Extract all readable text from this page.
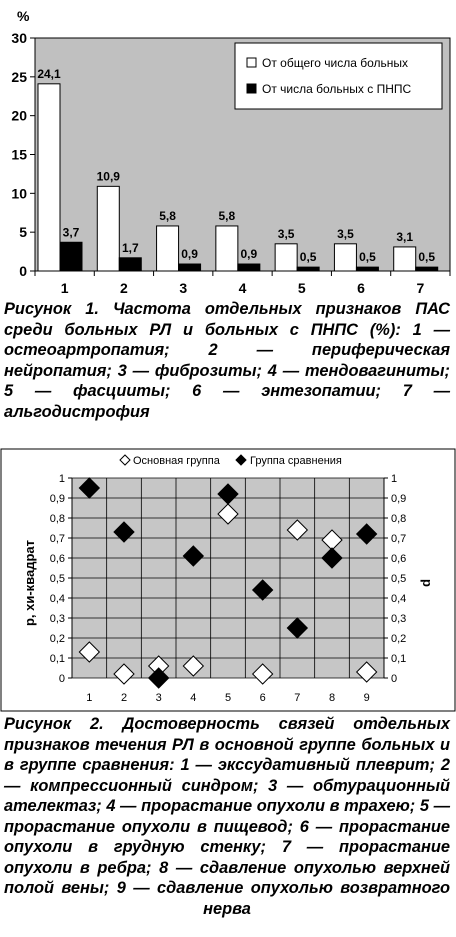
%
0
5
10
15
20
25
30
24,1
3,7
10,9
1,7
5,8
0,9
5,8
0,9
3,5
0,5
3,5
0,5
3,1
0,5
1	2	3	4	5	6	7
От общего числа больных
От числа больных с ПНПС

Рисунок 1. Частота отдельных признаков ПАС среди больных РЛ и больных с ПНПС (%): 1 — остеоартропатия; 2 — периферическая нейропатия; 3 — фиброзиты; 4 — тендовагиниты; 5 — фасцииты; 6 — энтезопатии; 7 — альгодистрофия

Основная группа	Группа сравнения
p, хи-квадрат	p
0
0,1
0,2
0,3
0,4
0,5
0,6
0,7
0,8
0,9
1
0
0,1
0,2
0,3
0,4
0,5
0,6
0,7
0,8
0,9
1
1	2	3	4	5	6	7	8	9

Рисунок 2. Достоверность связей отдельных признаков течения РЛ в основной группе больных и в группе сравнения: 1 — экссудативный плеврит; 2 — компрессионный синдром; 3 — обтурационный ателектаз; 4 — прорастание опухоли в трахею; 5 — прорастание опухоли в пищевод; 6 — прорастание опухоли в грудную стенку; 7 — прорастание опухоли в ребра; 8 — сдавление опухолью верхней полой вены; 9 — сдавление опухолью возвратного нерва
